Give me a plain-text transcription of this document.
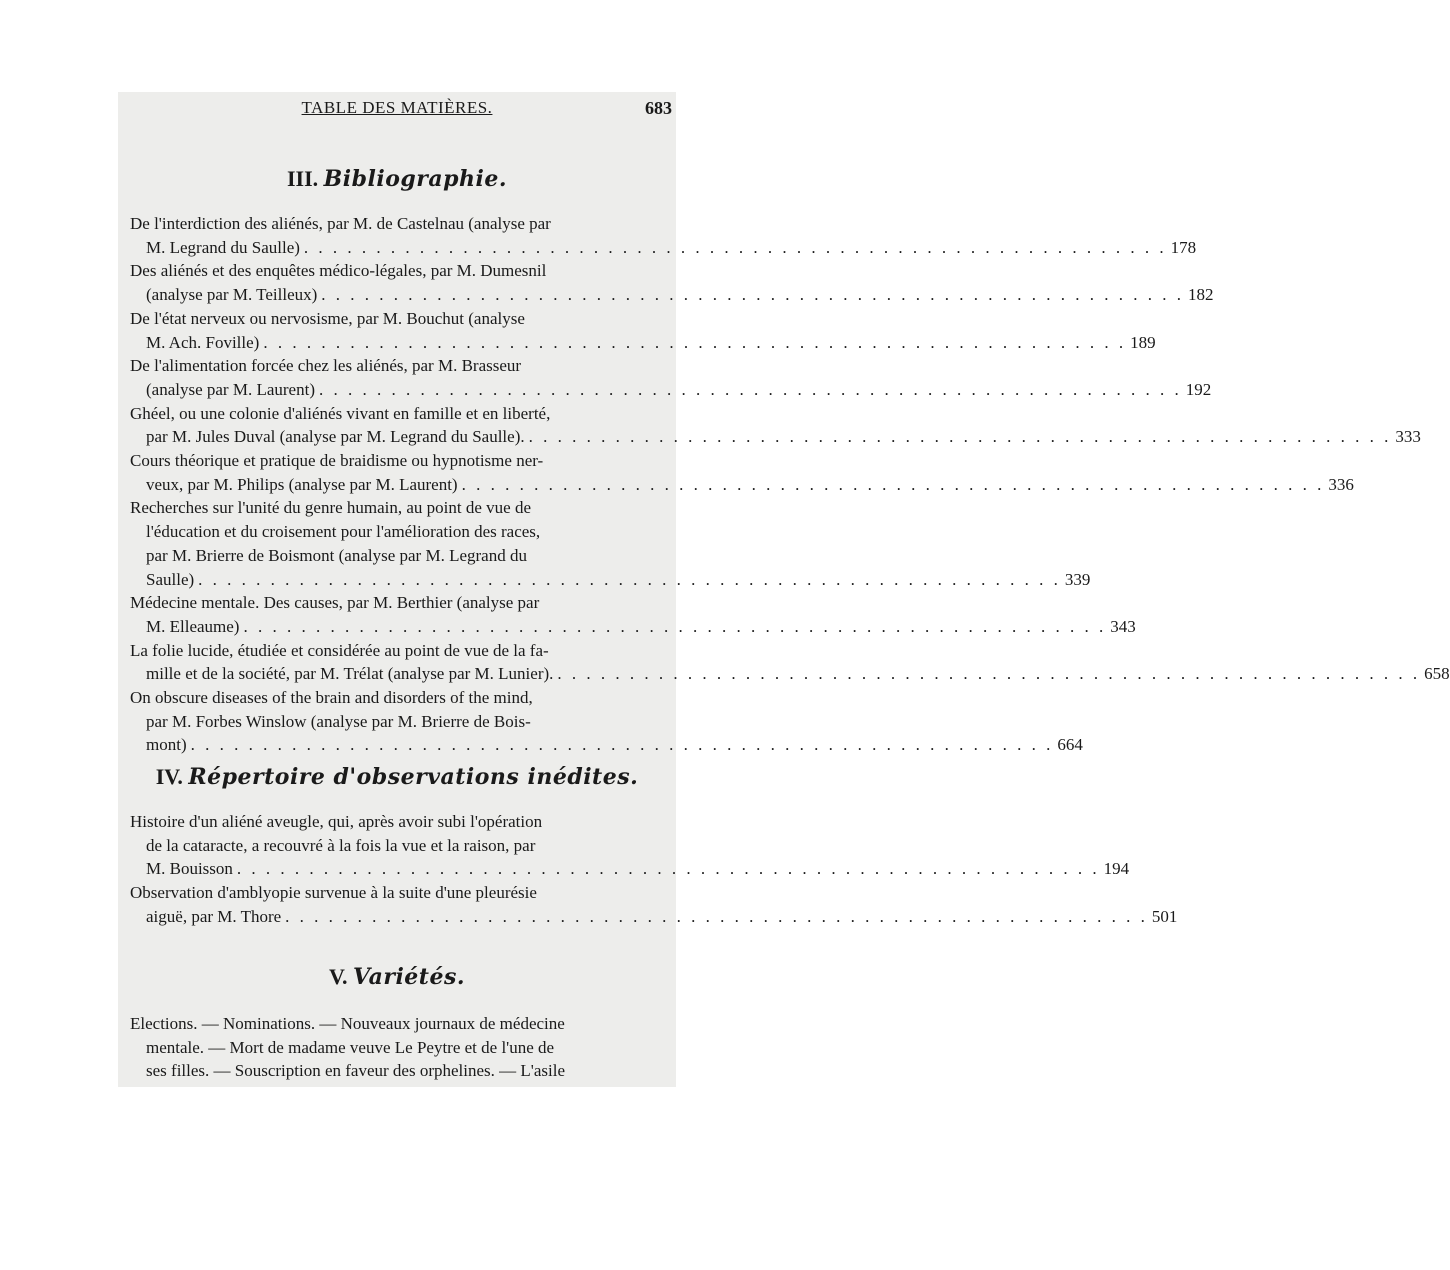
TABLE DES MATIÈRES.	683
III. Bibliographie.
De l'interdiction des aliénés, par M. de Castelnau (analyse par
M. Legrand du Saulle) . . . . . . . . . . . . . . . . . . . . . . . . . . . . . . . . . . . . . . . . . . . . . . . . . . . . . . . . . . . . 178
Des aliénés et des enquêtes médico-légales, par M. Dumesnil
(analyse par M. Teilleux) . . . . . . . . . . . . . . . . . . . . . . . . . . . . . . . . . . . . . . . . . . . . . . . . . . . . . . . . . . . . 182
De l'état nerveux ou nervosisme, par M. Bouchut (analyse
M. Ach. Foville) . . . . . . . . . . . . . . . . . . . . . . . . . . . . . . . . . . . . . . . . . . . . . . . . . . . . . . . . . . . . 189
De l'alimentation forcée chez les aliénés, par M. Brasseur
(analyse par M. Laurent) . . . . . . . . . . . . . . . . . . . . . . . . . . . . . . . . . . . . . . . . . . . . . . . . . . . . . . . . . . . . 192
Ghéel, ou une colonie d'aliénés vivant en famille et en liberté,
par M. Jules Duval (analyse par M. Legrand du Saulle). . . . . . . . . . . . . . . . . . . . . . . . . . . . . . . . . . . . . . . . . . . . . . . . . . . . . . . . . . . . . 333
Cours théorique et pratique de braidisme ou hypnotisme ner-
veux, par M. Philips (analyse par M. Laurent) . . . . . . . . . . . . . . . . . . . . . . . . . . . . . . . . . . . . . . . . . . . . . . . . . . . . . . . . . . . . 336
Recherches sur l'unité du genre humain, au point de vue de
l'éducation et du croisement pour l'amélioration des races,
par M. Brierre de Boismont (analyse par M. Legrand du
Saulle) . . . . . . . . . . . . . . . . . . . . . . . . . . . . . . . . . . . . . . . . . . . . . . . . . . . . . . . . . . . . 339
Médecine mentale. Des causes, par M. Berthier (analyse par
M. Elleaume) . . . . . . . . . . . . . . . . . . . . . . . . . . . . . . . . . . . . . . . . . . . . . . . . . . . . . . . . . . . . 343
La folie lucide, étudiée et considérée au point de vue de la fa-
mille et de la société, par M. Trélat (analyse par M. Lunier). . . . . . . . . . . . . . . . . . . . . . . . . . . . . . . . . . . . . . . . . . . . . . . . . . . . . . . . . . . . . 658
On obscure diseases of the brain and disorders of the mind,
par M. Forbes Winslow (analyse par M. Brierre de Bois-
mont) . . . . . . . . . . . . . . . . . . . . . . . . . . . . . . . . . . . . . . . . . . . . . . . . . . . . . . . . . . . . 664
IV. Répertoire d'observations inédites.
Histoire d'un aliéné aveugle, qui, après avoir subi l'opération
de la cataracte, a recouvré à la fois la vue et la raison, par
M. Bouisson . . . . . . . . . . . . . . . . . . . . . . . . . . . . . . . . . . . . . . . . . . . . . . . . . . . . . . . . . . . . 194
Observation d'amblyopie survenue à la suite d'une pleurésie
aiguë, par M. Thore . . . . . . . . . . . . . . . . . . . . . . . . . . . . . . . . . . . . . . . . . . . . . . . . . . . . . . . . . . . . 501
V. Variétés.
Elections. — Nominations. — Nouveaux journaux de médecine
mentale. — Mort de madame veuve Le Peytre et de l'une de
ses filles. — Souscription en faveur des orphelines. — L'asile
